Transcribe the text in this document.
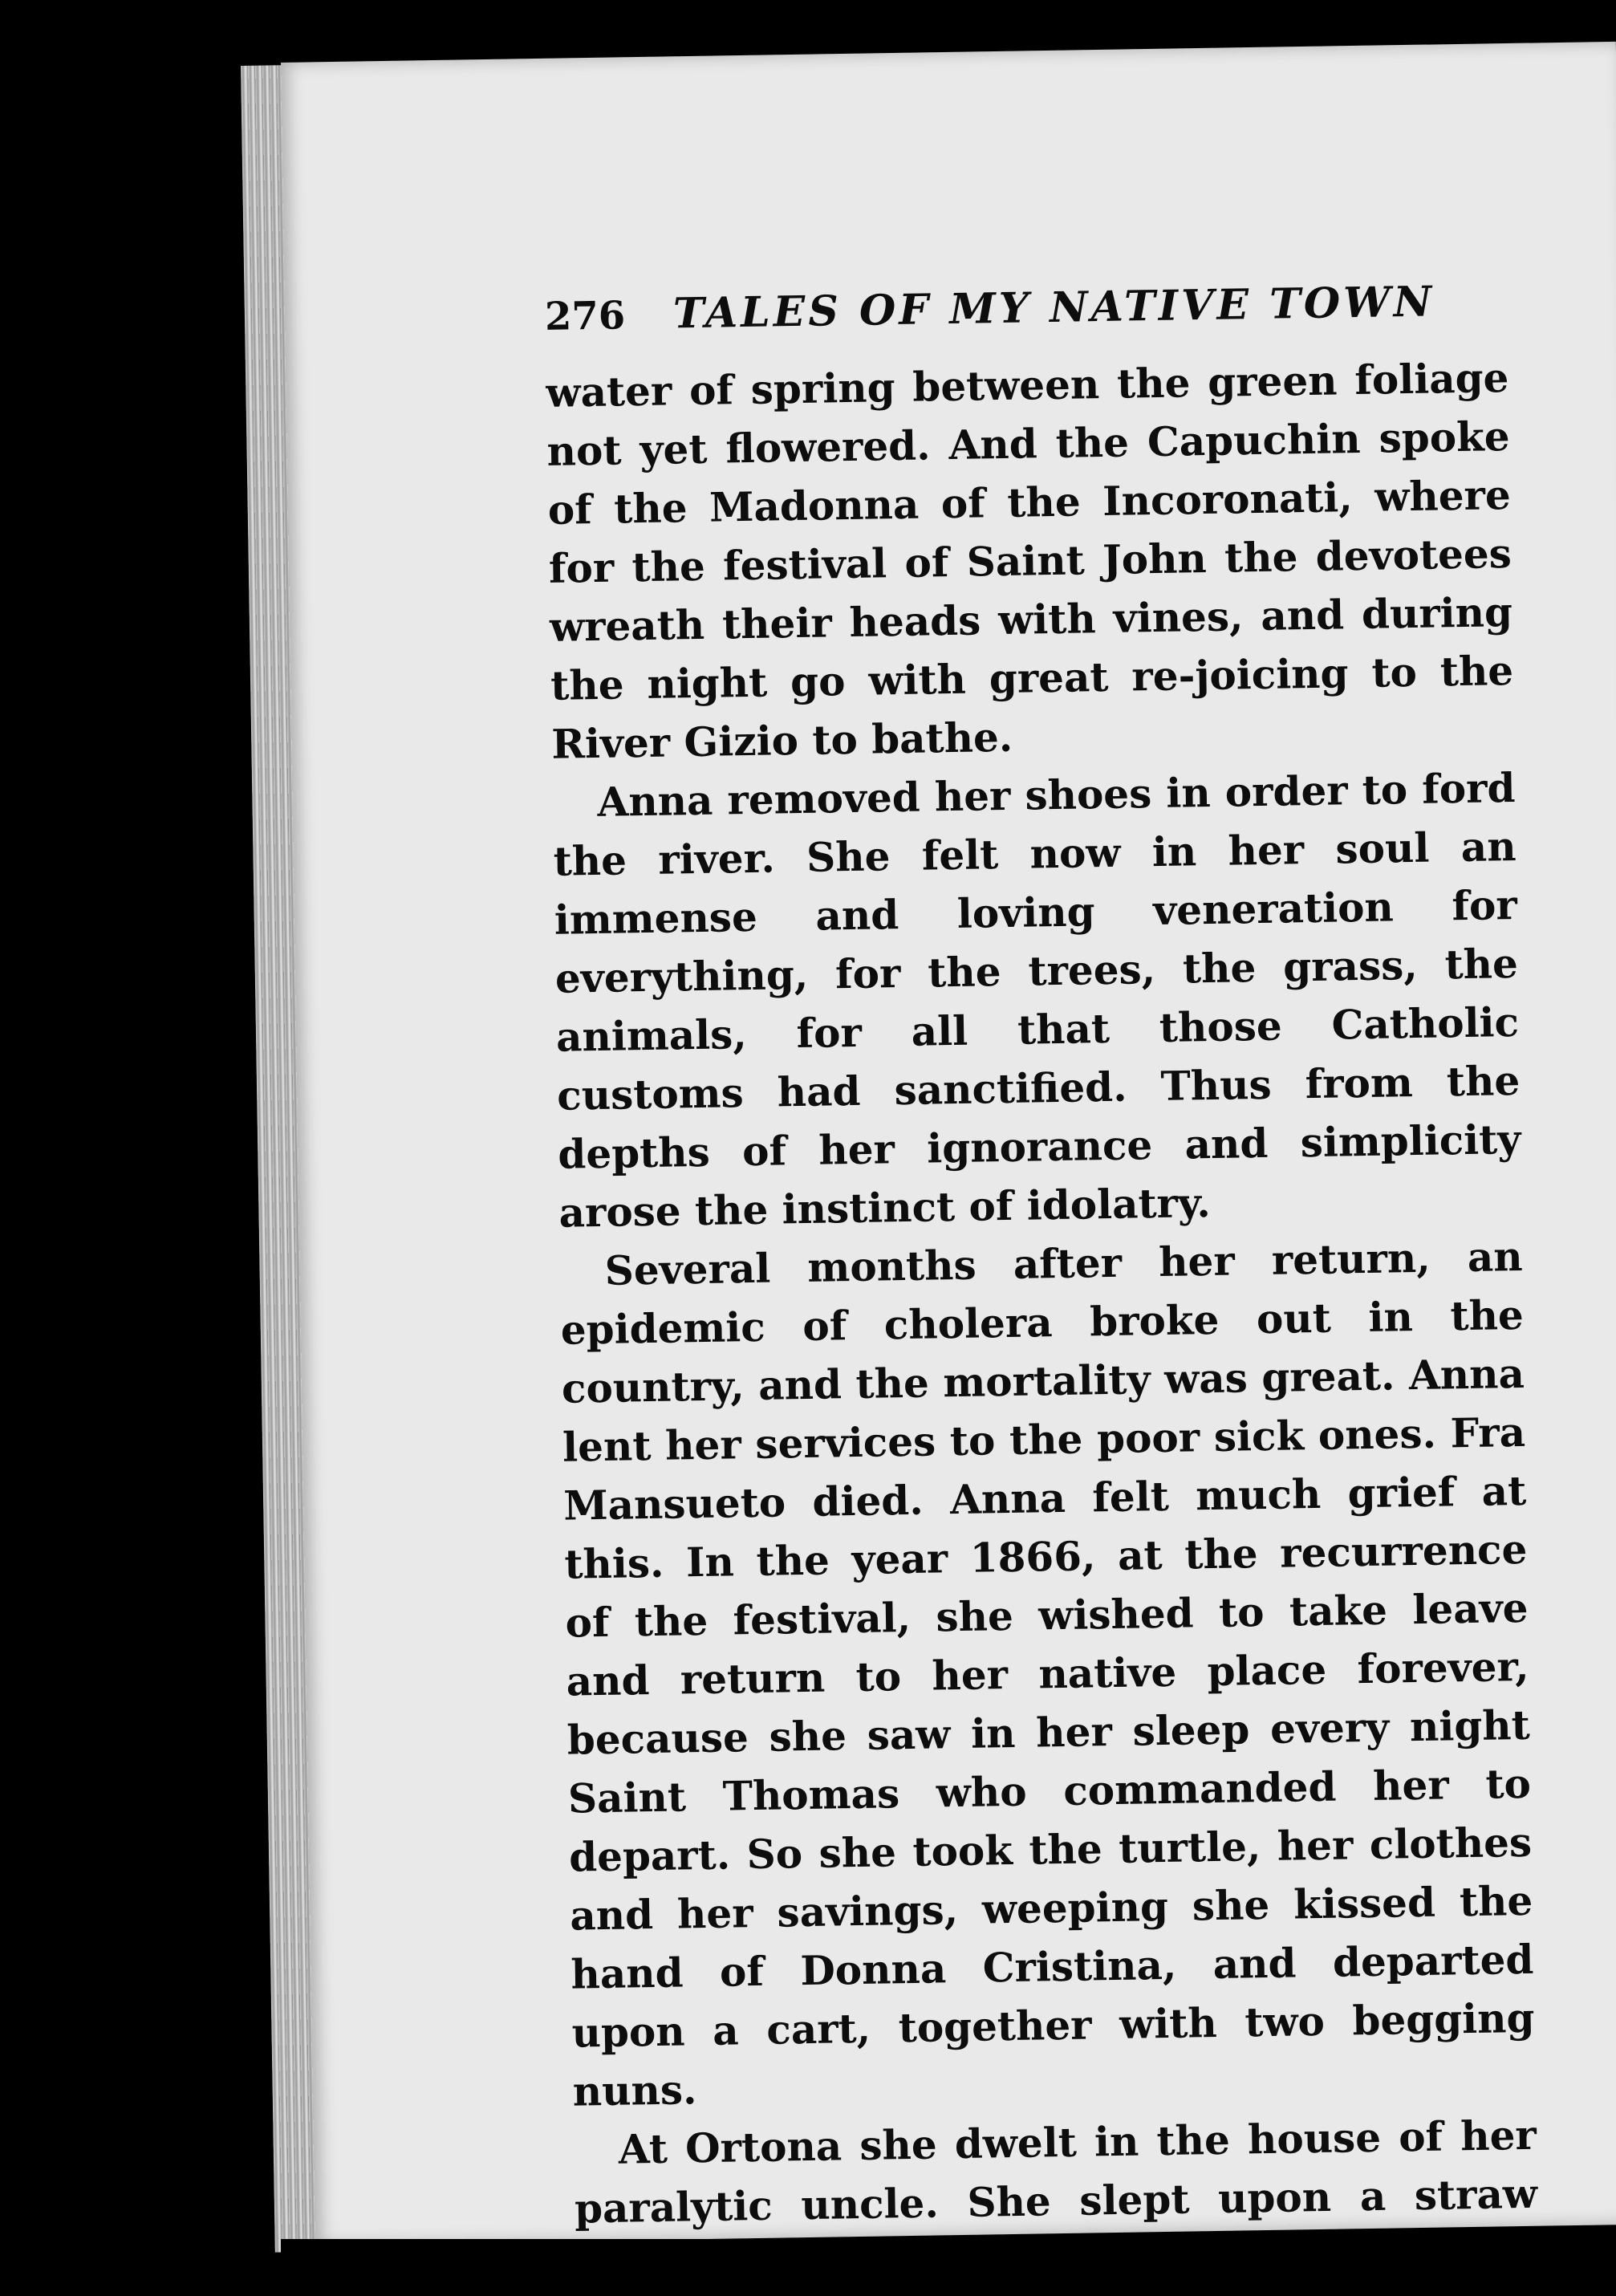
276 TALES OF MY NATIVE TOWN

water of spring between the green foliage not yet flowered. And the Capuchin spoke of the Madonna of the Incoronati, where for the festival of Saint John the devotees wreath their heads with vines, and during the night go with great re-joicing to the River Gizio to bathe.

Anna removed her shoes in order to ford the river. She felt now in her soul an immense and loving veneration for everything, for the trees, the grass, the animals, for all that those Catholic customs had sanctified. Thus from the depths of her ignorance and simplicity arose the instinct of idolatry.

Several months after her return, an epidemic of cholera broke out in the country, and the mortality was great. Anna lent her services to the poor sick ones. Fra Mansueto died. Anna felt much grief at this. In the year 1866, at the recurrence of the festival, she wished to take leave and return to her native place forever, because she saw in her sleep every night Saint Thomas who commanded her to depart. So she took the turtle, her clothes and her savings, weeping she kissed the hand of Donna Cristina, and departed upon a cart, together with two begging nuns.

At Ortona she dwelt in the house of her paralytic uncle. She slept upon a straw
